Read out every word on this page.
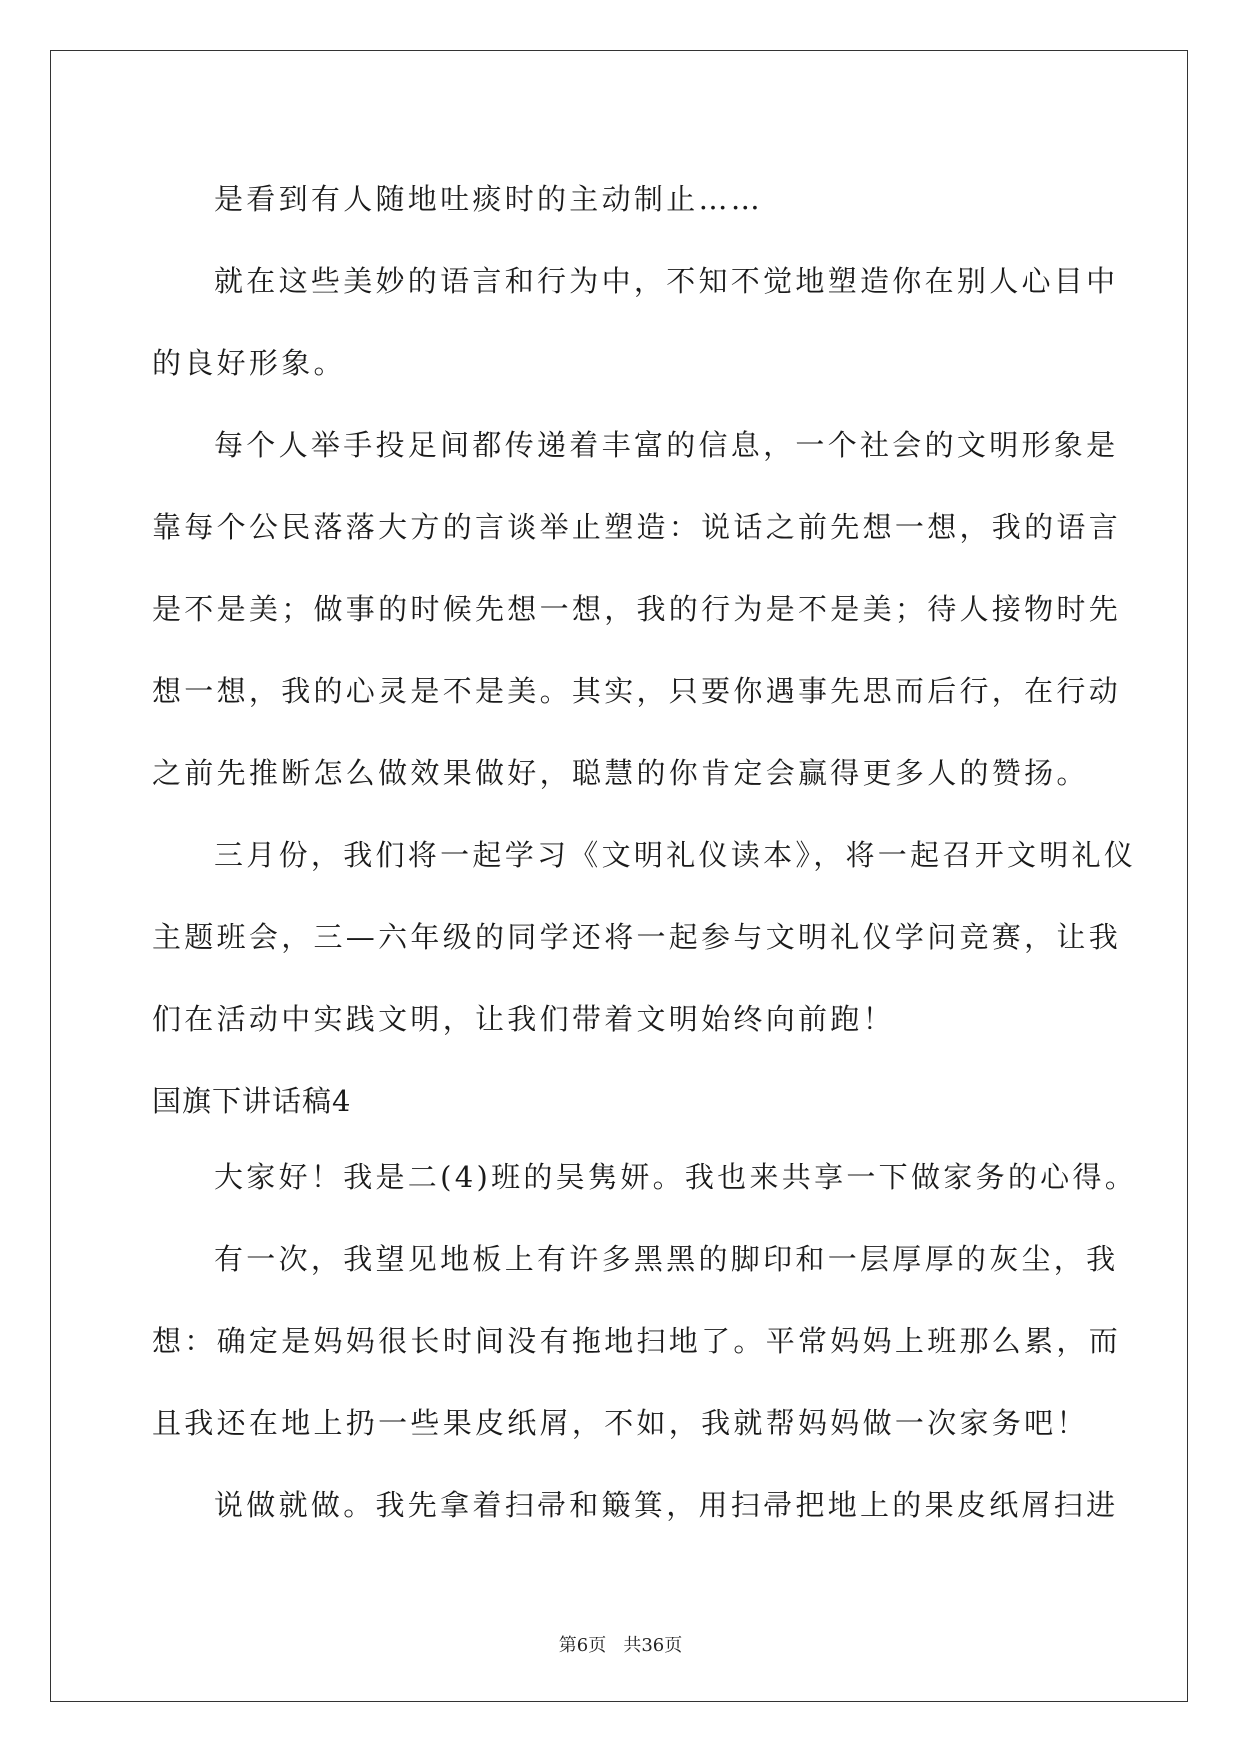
是看到有人随地吐痰时的主动制止……
就在这些美妙的语言和行为中，不知不觉地塑造你在别人心目中
的良好形象。
每个人举手投足间都传递着丰富的信息，一个社会的文明形象是
靠每个公民落落大方的言谈举止塑造：说话之前先想一想，我的语言
是不是美；做事的时候先想一想，我的行为是不是美；待人接物时先
想一想，我的心灵是不是美。其实，只要你遇事先思而后行，在行动
之前先推断怎么做效果做好，聪慧的你肯定会赢得更多人的赞扬。
三月份，我们将一起学习《文明礼仪读本》，将一起召开文明礼仪
主题班会，三—六年级的同学还将一起参与文明礼仪学问竞赛，让我
们在活动中实践文明，让我们带着文明始终向前跑！
国旗下讲话稿4
大家好！我是二(4)班的吴隽妍。我也来共享一下做家务的心得。
有一次，我望见地板上有许多黑黑的脚印和一层厚厚的灰尘，我
想：确定是妈妈很长时间没有拖地扫地了。平常妈妈上班那么累，而
且我还在地上扔一些果皮纸屑，不如，我就帮妈妈做一次家务吧！
说做就做。我先拿着扫帚和簸箕，用扫帚把地上的果皮纸屑扫进
第6页 共36页
